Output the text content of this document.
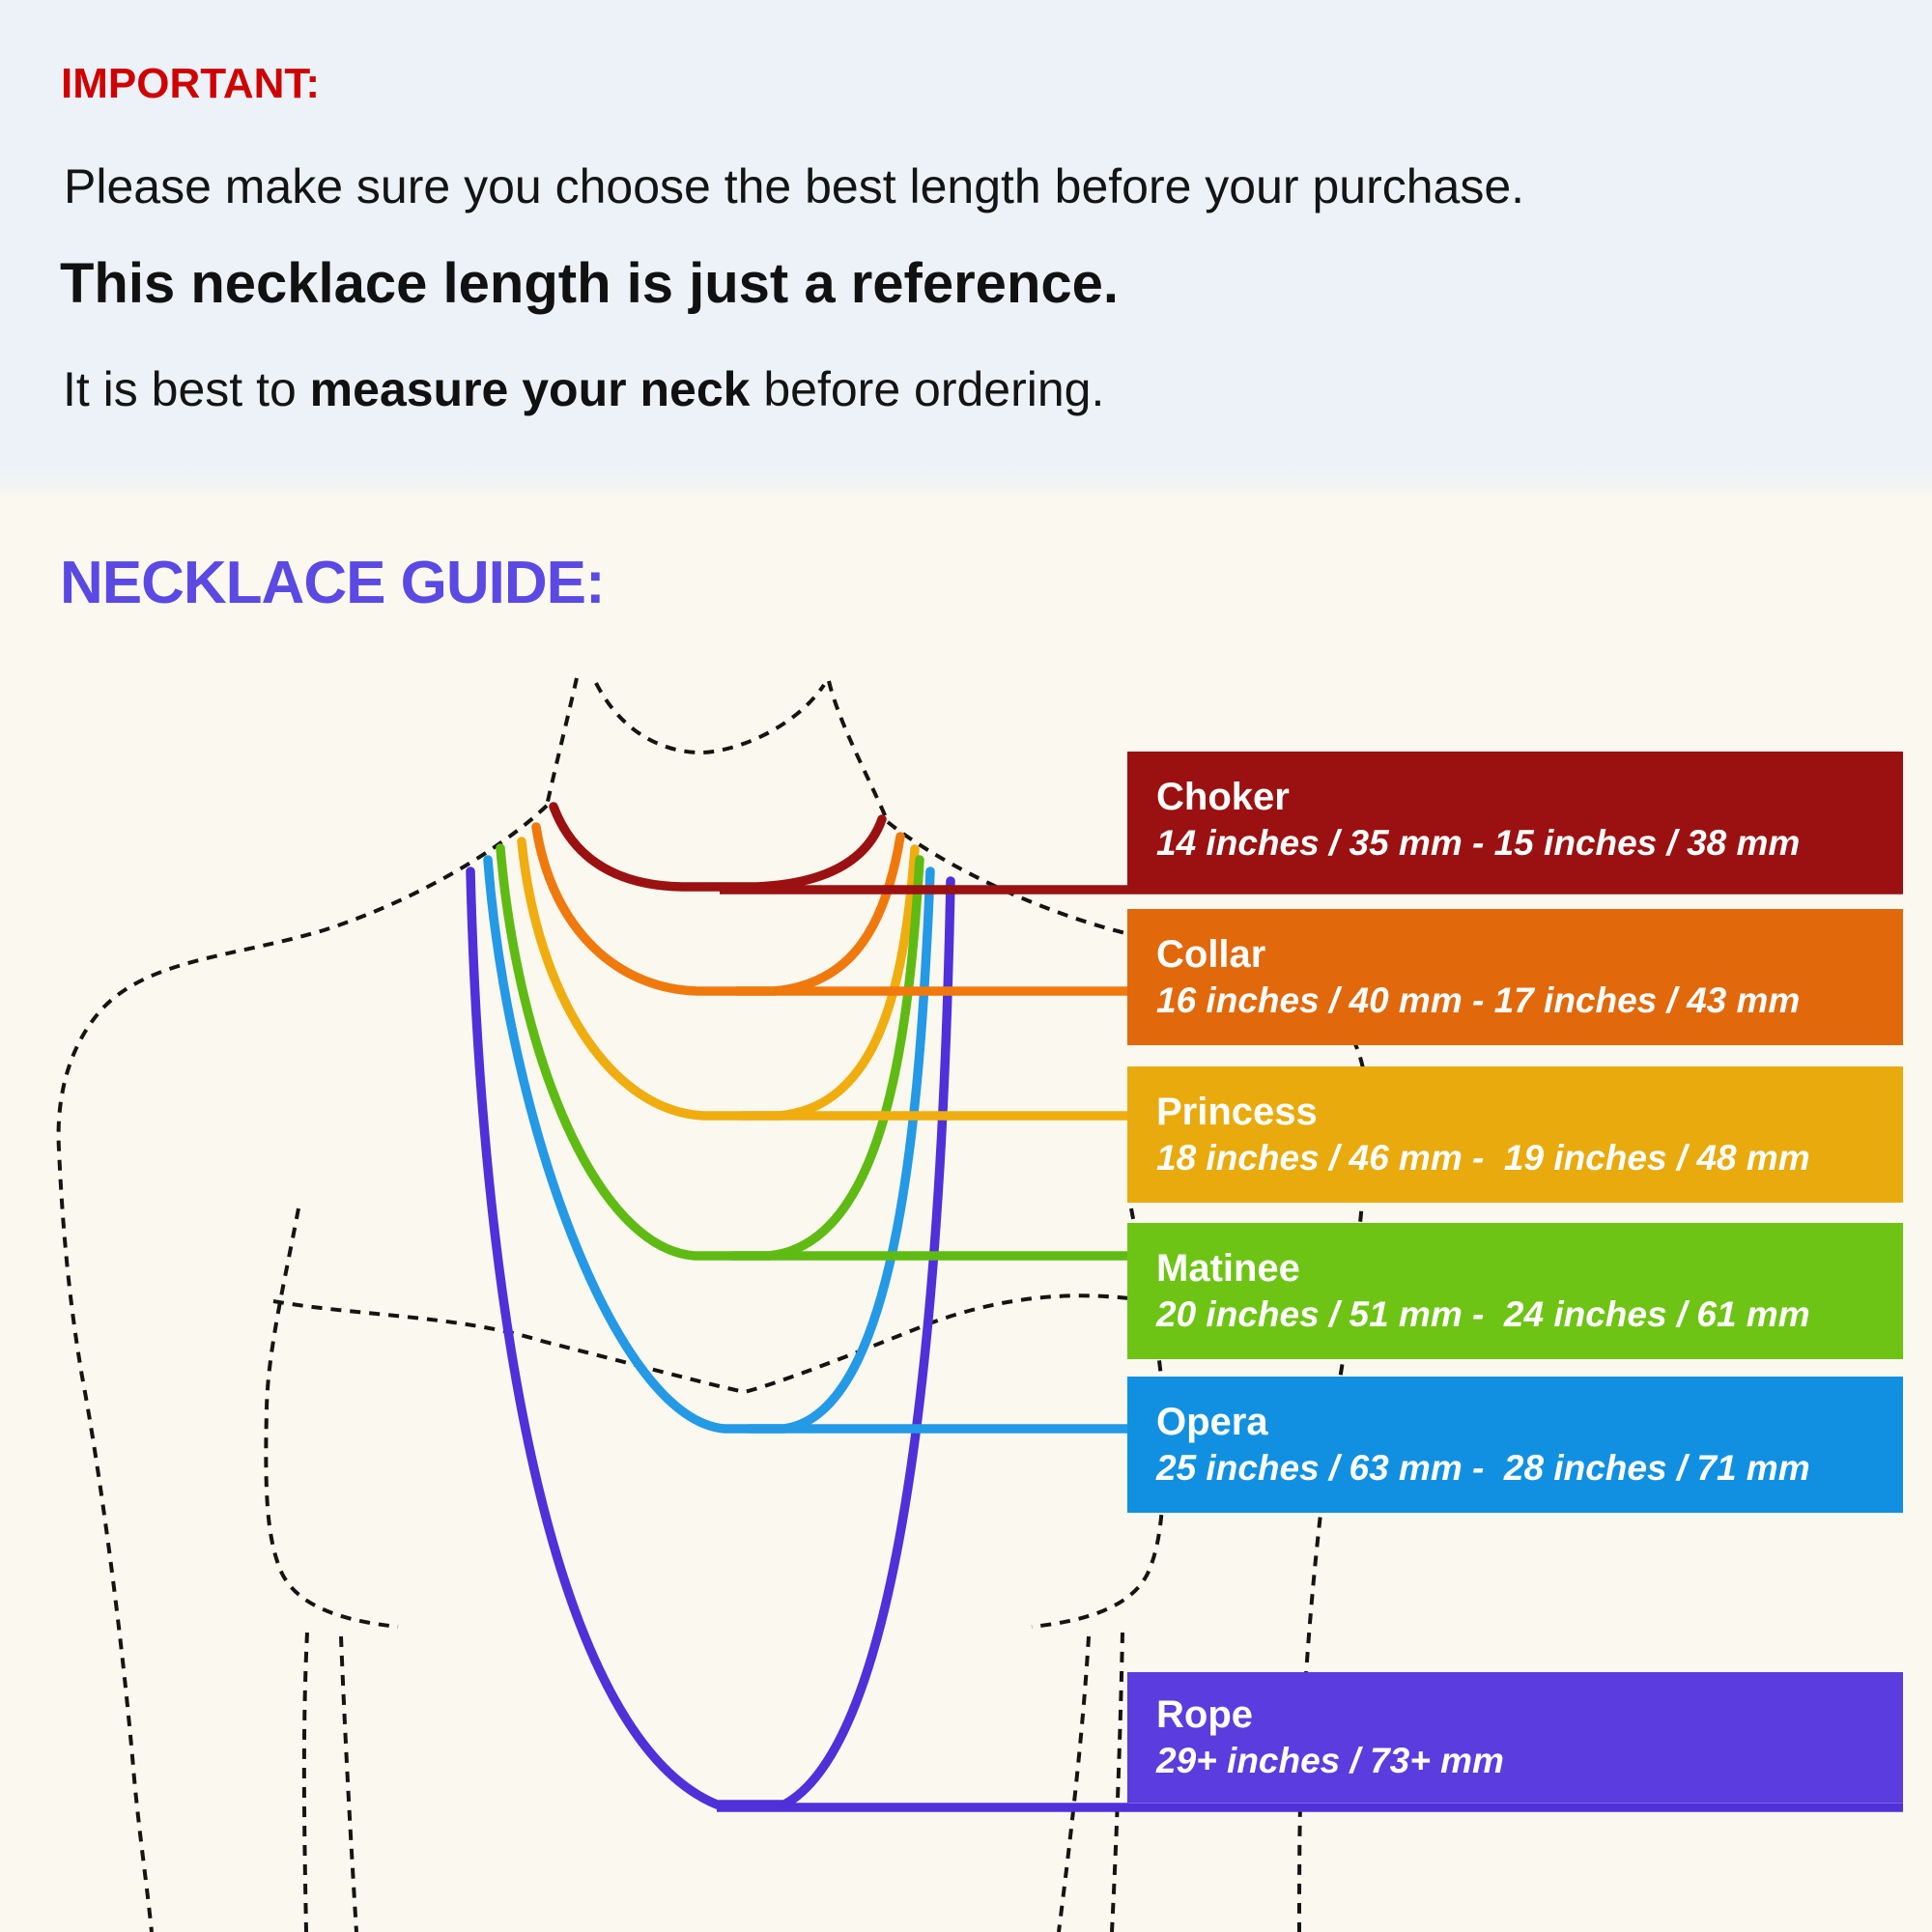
IMPORTANT:
Please make sure you choose the best length before your purchase.
This necklace length is just a reference.
It is best to measure your neck before ordering.
NECKLACE GUIDE:
Choker
14 inches / 35 mm - 15 inches / 38 mm
Collar
16 inches / 40 mm - 17 inches / 43 mm
Princess
18 inches / 46 mm -  19 inches / 48 mm
Matinee
20 inches / 51 mm -  24 inches / 61 mm
Opera
25 inches / 63 mm -  28 inches / 71 mm
Rope
29+ inches / 73+ mm
